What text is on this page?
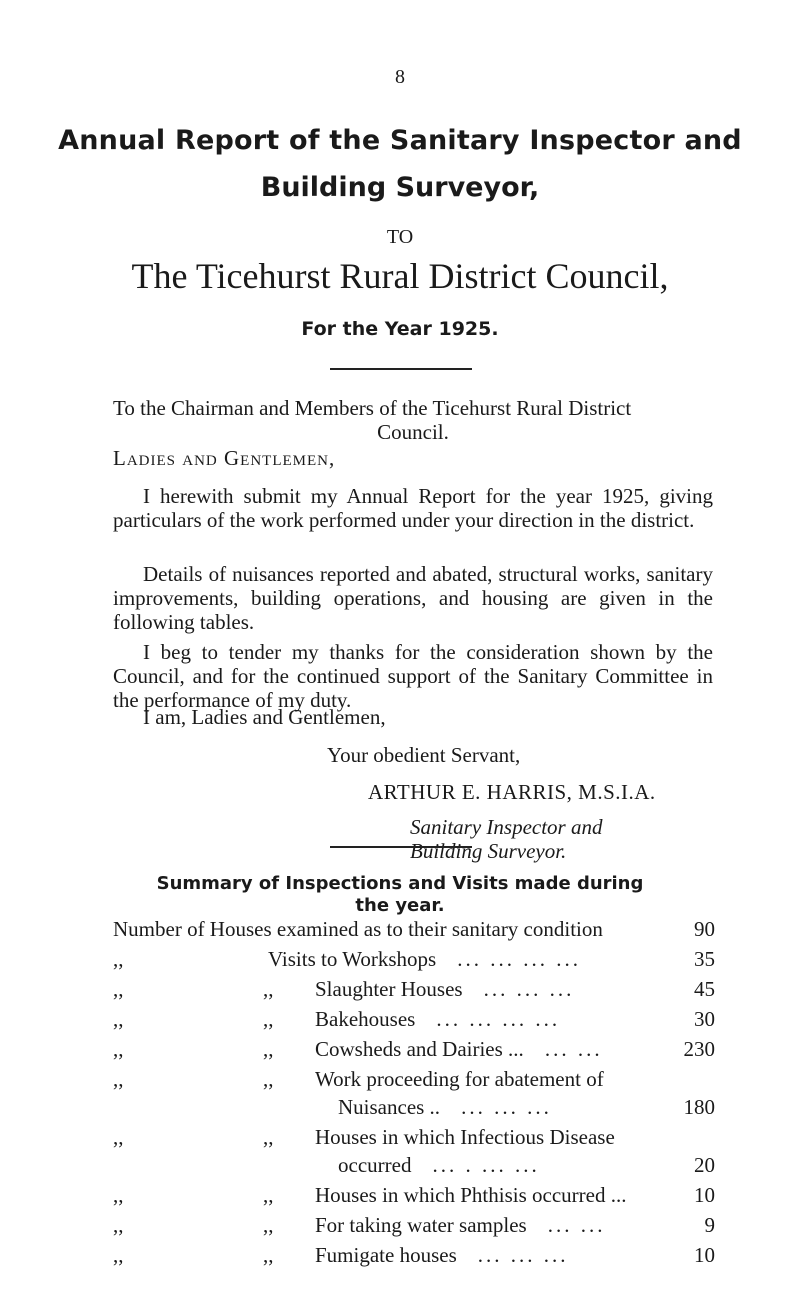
8
Annual Report of the Sanitary Inspector and
Building Surveyor,
TO
The Ticehurst Rural District Council,
For the Year 1925.
To the Chairman and Members of the Ticehurst Rural District
Council.
Ladies and Gentlemen,
I herewith submit my Annual Report for the year 1925, giving particulars of the work performed under your direction in the district.
Details of nuisances reported and abated, structural works, sanitary improvements, building operations, and housing are given in the following tables.
I beg to tender my thanks for the consideration shown by the Council, and for the continued support of the Sanitary Committee in the performance of my duty.
I am, Ladies and Gentlemen,
Your obedient Servant,
ARTHUR E. HARRIS, M.S.I.A.
Sanitary Inspector and
Building Surveyor.
Summary of Inspections and Visits made during
the year.
Number of Houses examined as to their sanitary condition	90
,,	Visits to Workshops ... ... ... ...	35
,,	,, Slaughter Houses ... ... ...	45
,,	,, Bakehouses ... ... ... ...	30
,,	,, Cowsheds and Dairies ... ... ...	230
,,	,, Work proceeding for abatement of
Nuisances .. ... ... ...	180
,,	,, Houses in which Infectious Disease
occurred ... . ... ...	20
,,	,, Houses in which Phthisis occurred ...	10
,,	,, For taking water samples ... ...	9
,,	,, Fumigate houses ... ... ...	10
